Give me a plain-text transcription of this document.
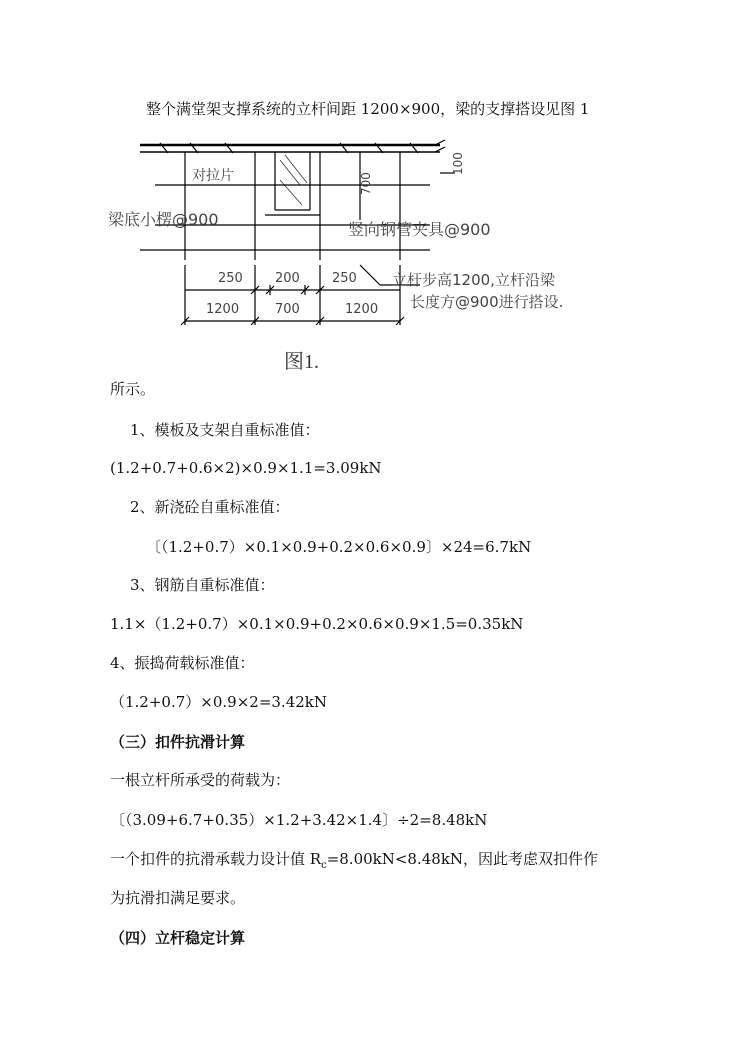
整个满堂架支撑系统的立杆间距 1200×900，梁的支撑搭设见图 1
对拉片
梁底小楞@900
竖向钢管夹具@900
100
700
250 200 250
1200	700	1200
立杆步高1200,立杆沿梁
长度方@900进行搭设.
图1.
所示。
1、模板及支架自重标准值：
(1.2+0.7+0.6×2)×0.9×1.1=3.09kN
2、新浇砼自重标准值：
〔（1.2+0.7）×0.1×0.9+0.2×0.6×0.9〕×24=6.7kN
3、钢筋自重标准值：
1.1×（1.2+0.7）×0.1×0.9+0.2×0.6×0.9×1.5=0.35kN
4、振捣荷载标准值：
（1.2+0.7）×0.9×2=3.42kN
（三）扣件抗滑计算
一根立杆所承受的荷载为：
〔（3.09+6.7+0.35）×1.2+3.42×1.4〕÷2=8.48kN
一个扣件的抗滑承载力设计值 $R_c=8.00kN<8.48kN$，因此考虑双扣件作
为抗滑扣满足要求。
（四）立杆稳定计算
